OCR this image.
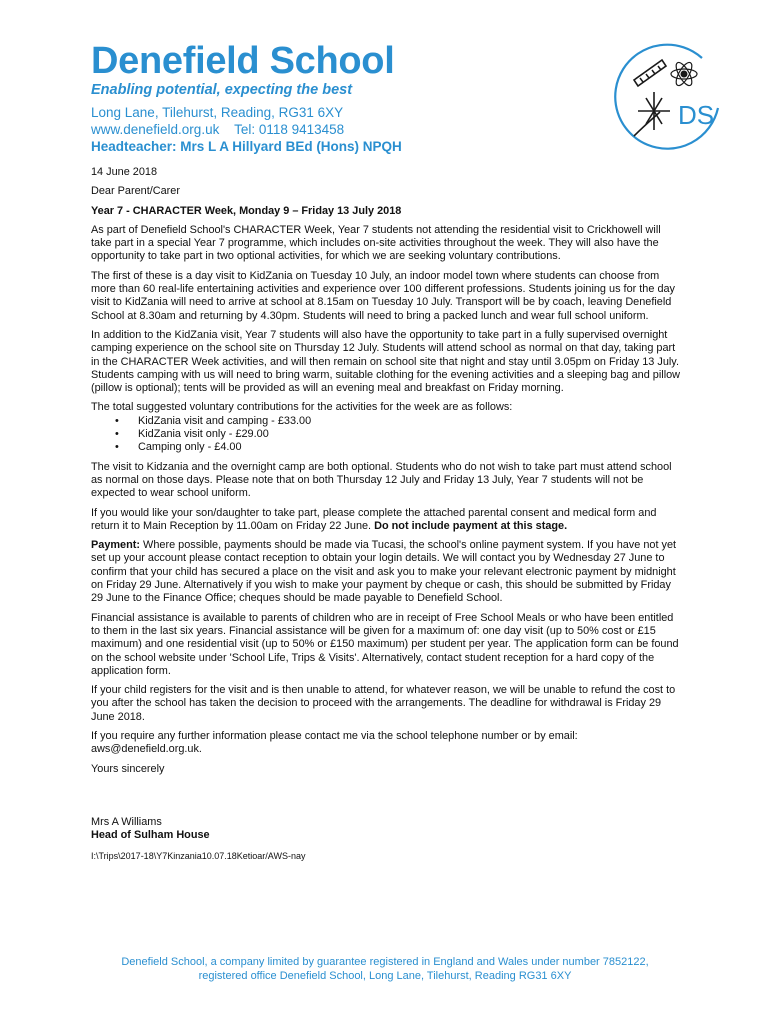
Denefield School

Enabling potential, expecting the best

Long Lane, Tilehurst, Reading, RG31 6XY

www.denefield.org.uk    Tel: 0118 9413458

Headteacher: Mrs L A Hillyard BEd (Hons) NPQH

DS

14 June 2018

Dear Parent/Carer

Year 7 - CHARACTER Week, Monday 9 – Friday 13 July 2018

As part of Denefield School's CHARACTER Week, Year 7 students not attending the residential visit to Crickhowell will take part in a special Year 7 programme, which includes on-site activities throughout the week. They will also have the opportunity to take part in two optional activities, for which we are seeking voluntary contributions.

The first of these is a day visit to KidZania on Tuesday 10 July, an indoor model town where students can choose from more than 60 real-life entertaining activities and experience over 100 different professions. Students joining us for the day visit to KidZania will need to arrive at school at 8.15am on Tuesday 10 July. Transport will be by coach, leaving Denefield School at 8.30am and returning by 4.30pm. Students will need to bring a packed lunch and wear full school uniform.

In addition to the KidZania visit, Year 7 students will also have the opportunity to take part in a fully supervised overnight camping experience on the school site on Thursday 12 July. Students will attend school as normal on that day, taking part in the CHARACTER Week activities, and will then remain on school site that night and stay until 3.05pm on Friday 13 July. Students camping with us will need to bring warm, suitable clothing for the evening activities and a sleeping bag and pillow (pillow is optional); tents will be provided as will an evening meal and breakfast on Friday morning.

The total suggested voluntary contributions for the activities for the week are as follows:

• KidZania visit and camping - £33.00
• KidZania visit only - £29.00
• Camping only - £4.00

The visit to Kidzania and the overnight camp are both optional. Students who do not wish to take part must attend school as normal on those days. Please note that on both Thursday 12 July and Friday 13 July, Year 7 students will not be expected to wear school uniform.

If you would like your son/daughter to take part, please complete the attached parental consent and medical form and return it to Main Reception by 11.00am on Friday 22 June. Do not include payment at this stage.

Payment: Where possible, payments should be made via Tucasi, the school's online payment system. If you have not yet set up your account please contact reception to obtain your login details. We will contact you by Wednesday 27 June to confirm that your child has secured a place on the visit and ask you to make your relevant electronic payment by midnight on Friday 29 June. Alternatively if you wish to make your payment by cheque or cash, this should be submitted by Friday 29 June to the Finance Office; cheques should be made payable to Denefield School.

Financial assistance is available to parents of children who are in receipt of Free School Meals or who have been entitled to them in the last six years. Financial assistance will be given for a maximum of: one day visit (up to 50% cost or £15 maximum) and one residential visit (up to 50% or £150 maximum) per student per year. The application form can be found on the school website under 'School Life, Trips & Visits'. Alternatively, contact student reception for a hard copy of the application form.

If your child registers for the visit and is then unable to attend, for whatever reason, we will be unable to refund the cost to you after the school has taken the decision to proceed with the arrangements. The deadline for withdrawal is Friday 29 June 2018.

If you require any further information please contact me via the school telephone number or by email: aws@denefield.org.uk.

Yours sincerely

Mrs A Williams

Head of Sulham House

I:\Trips\2017-18\Y7Kinzania10.07.18Ketioar/AWS-nay

Denefield School, a company limited by guarantee registered in England and Wales under number 7852122,

registered office Denefield School, Long Lane, Tilehurst, Reading RG31 6XY
